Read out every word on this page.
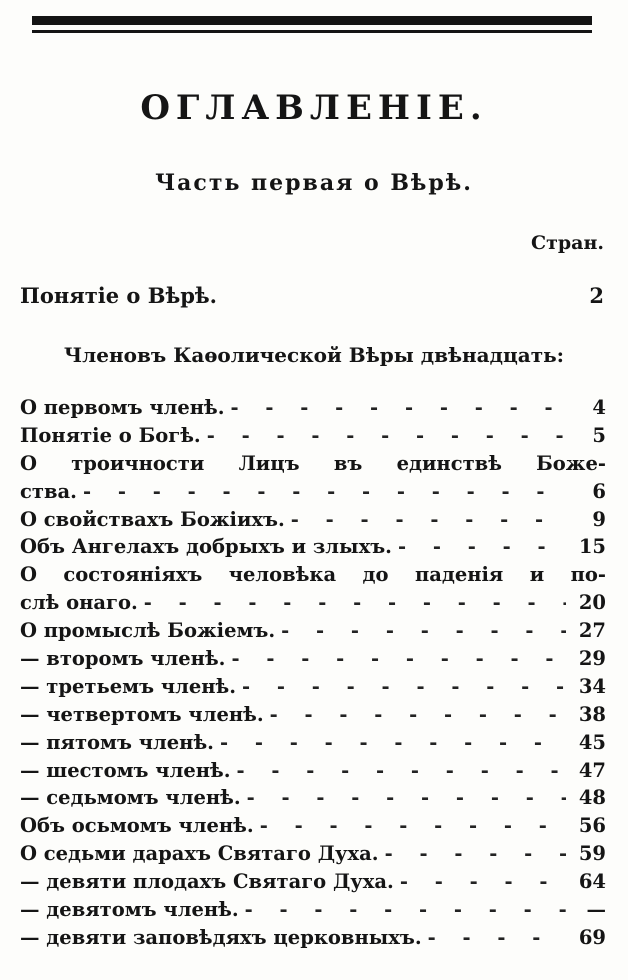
ОГЛАВЛЕНІЕ.
Часть первая о Вѣрѣ.
Стран.
Понятіе о Вѣрѣ.	2
Членовъ Каѳолической Вѣры двѣнадцать:
О первомъ членѣ. - - -	4
Понятіе о Богѣ. - - -	5
О троичности Лицъ въ единствѣ Боже-
ства. - - -	6
О свойствахъ Божіихъ. - - -	9
Объ Ангелахъ добрыхъ и злыхъ. - - -	15
О состояніяхъ человѣка до паденія и по-
слѣ онаго. - - -	20
О промыслѣ Божіемъ. - - -	27
— второмъ членѣ. - - -	29
— третьемъ членѣ. - - -	34
— четвертомъ членѣ. - - -	38
— пятомъ членѣ. - - -	45
— шестомъ членѣ. - - -	47
— седьмомъ членѣ. - - -	48
Объ осьмомъ членѣ. - - -	56
О седьми дарахъ Святаго Духа. - - -	59
— девяти плодахъ Святаго Духа. - - -	64
— девятомъ членѣ. - - -	—
— девяти заповѣдяхъ церковныхъ. - - -	69
